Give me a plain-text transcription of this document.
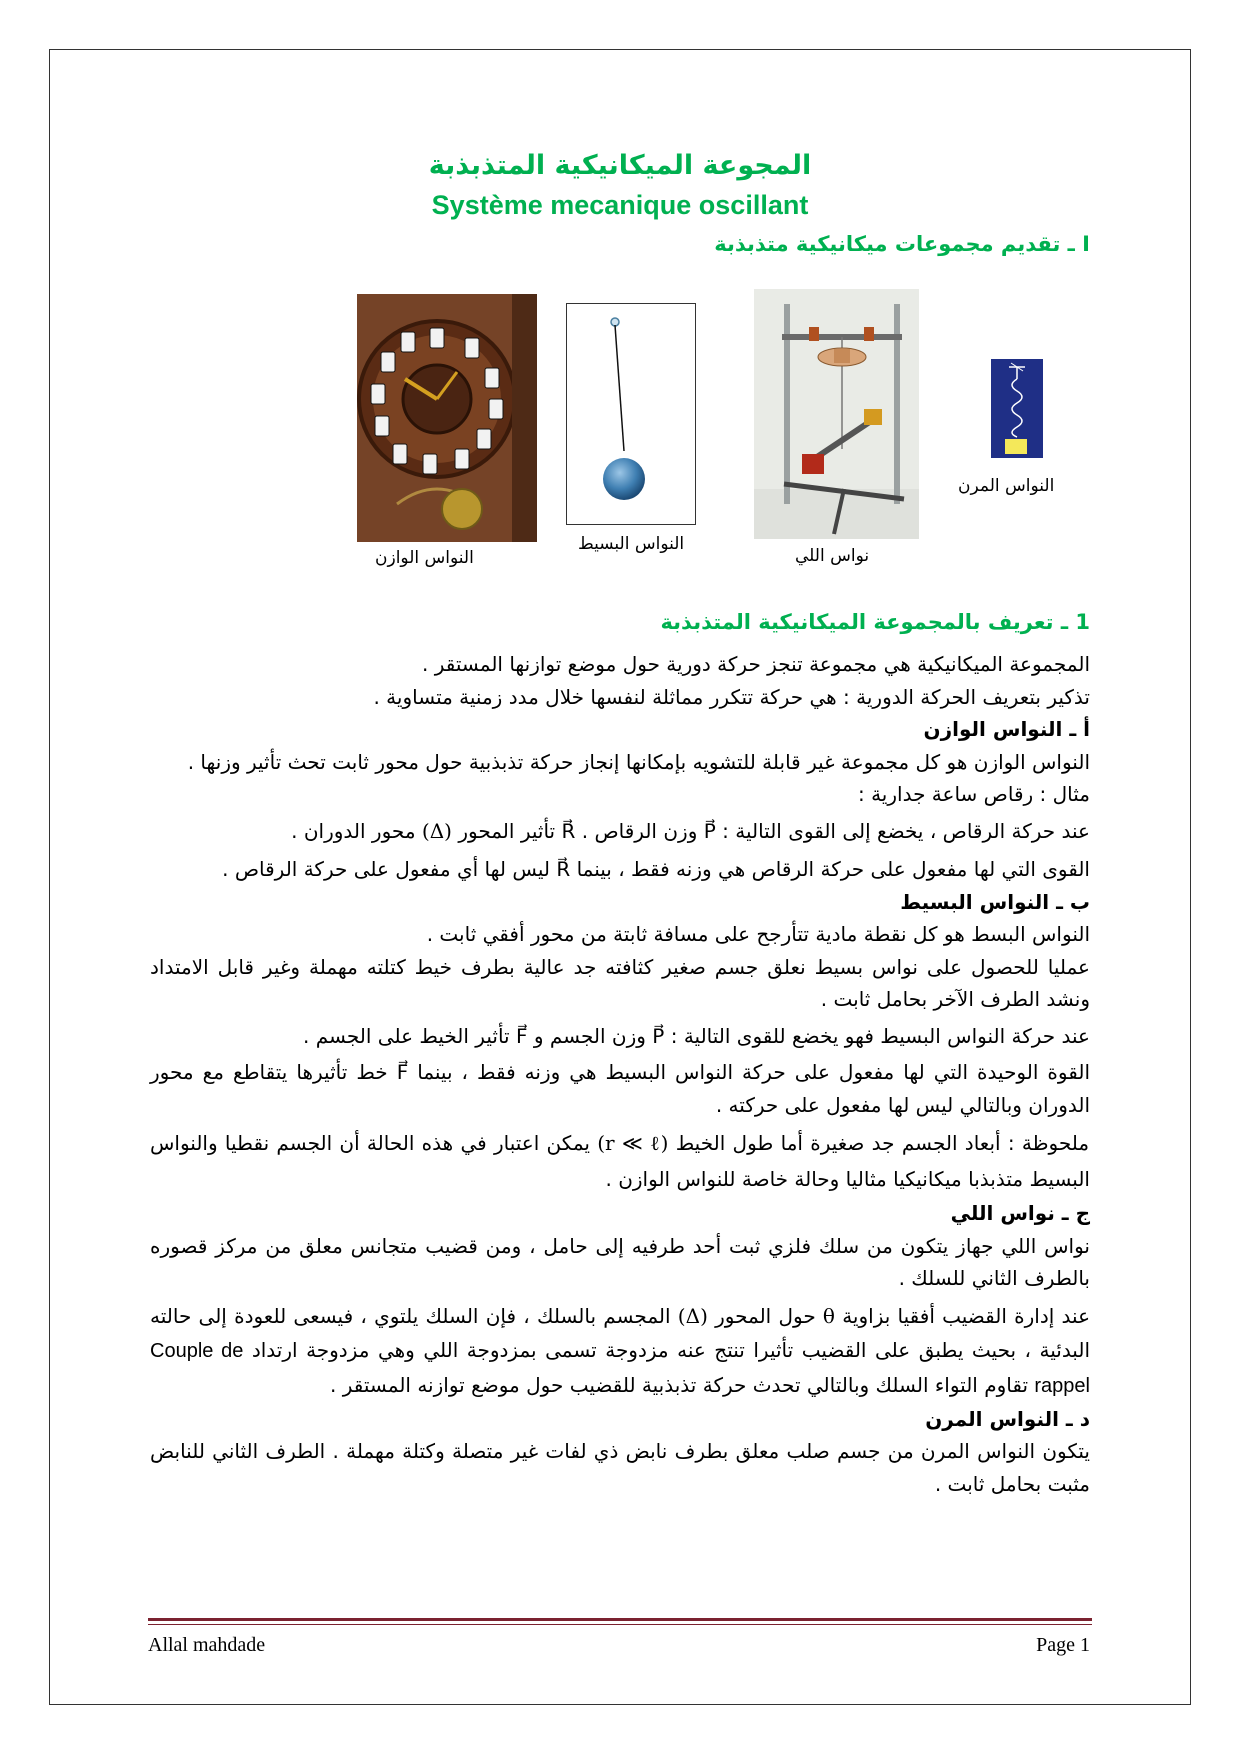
المجوعة الميكانيكية المتذبذبة
Système mecanique oscillant
I ـ تقديم مجموعات ميكانيكية متذبذبة
النواس الوازن
النواس البسيط
نواس اللي
النواس المرن
1 ـ تعريف بالمجموعة الميكانيكية المتذبذبة

المجموعة الميكانيكية هي مجموعة تنجز حركة دورية حول موضع توازنها المستقر .

تذكير بتعريف الحركة الدورية : هي حركة تتكرر مماثلة لنفسها خلال مدد زمنية متساوية .

أ ـ النواس الوازن

النواس الوازن هو كل مجموعة غير قابلة للتشويه بإمكانها إنجاز حركة تذبذبية حول محور ثابت تحث تأثير وزنها .

مثال : رقاص ساعة جدارية :

عند حركة الرقاص ، يخضع إلى القوى التالية : P⃗ وزن الرقاص . R⃗ تأثير المحور (Δ) محور الدوران .

القوى التي لها مفعول على حركة الرقاص هي وزنه فقط ، بينما R⃗ ليس لها أي مفعول على حركة الرقاص .

ب ـ النواس البسيط

النواس البسط هو كل نقطة مادية تتأرجح على مسافة ثابتة من محور أفقي ثابت .

عمليا للحصول على نواس بسيط نعلق جسم صغير كثافته جد عالية بطرف خيط كتلته مهملة وغير قابل الامتداد ونشد الطرف الآخر بحامل ثابت .

عند حركة النواس البسيط فهو يخضع للقوى التالية : P⃗ وزن الجسم و F⃗ تأثير الخيط على الجسم .

القوة الوحيدة التي لها مفعول على حركة النواس البسيط هي وزنه فقط ، بينما F⃗ خط تأثيرها يتقاطع مع محور الدوران وبالتالي ليس لها مفعول على حركته .

ملحوظة : أبعاد الجسم جد صغيرة أما طول الخيط (r ≪ ℓ) يمكن اعتبار في هذه الحالة أن الجسم نقطيا والنواس البسيط متذبذبا ميكانيكيا مثاليا وحالة خاصة للنواس الوازن .

ج ـ نواس اللي

نواس اللي جهاز يتكون من سلك فلزي ثبت أحد طرفيه إلى حامل ، ومن قضيب متجانس معلق من مركز قصوره بالطرف الثاني للسلك .

عند إدارة القضيب أفقيا بزاوية θ حول المحور (Δ) المجسم بالسلك ، فإن السلك يلتوي ، فيسعى للعودة إلى حالته البدئية ، بحيث يطبق على القضيب تأثيرا تنتج عنه مزدوجة تسمى بمزدوجة اللي وهي مزدوجة ارتداد Couple de rappel تقاوم التواء السلك وبالتالي تحدث حركة تذبذبية للقضيب حول موضع توازنه المستقر .

د ـ النواس المرن

يتكون النواس المرن من جسم صلب معلق بطرف نابض ذي لفات غير متصلة وكتلة مهملة . الطرف الثاني للنابض مثبت بحامل ثابت .

Allal mahdade	Page 1
